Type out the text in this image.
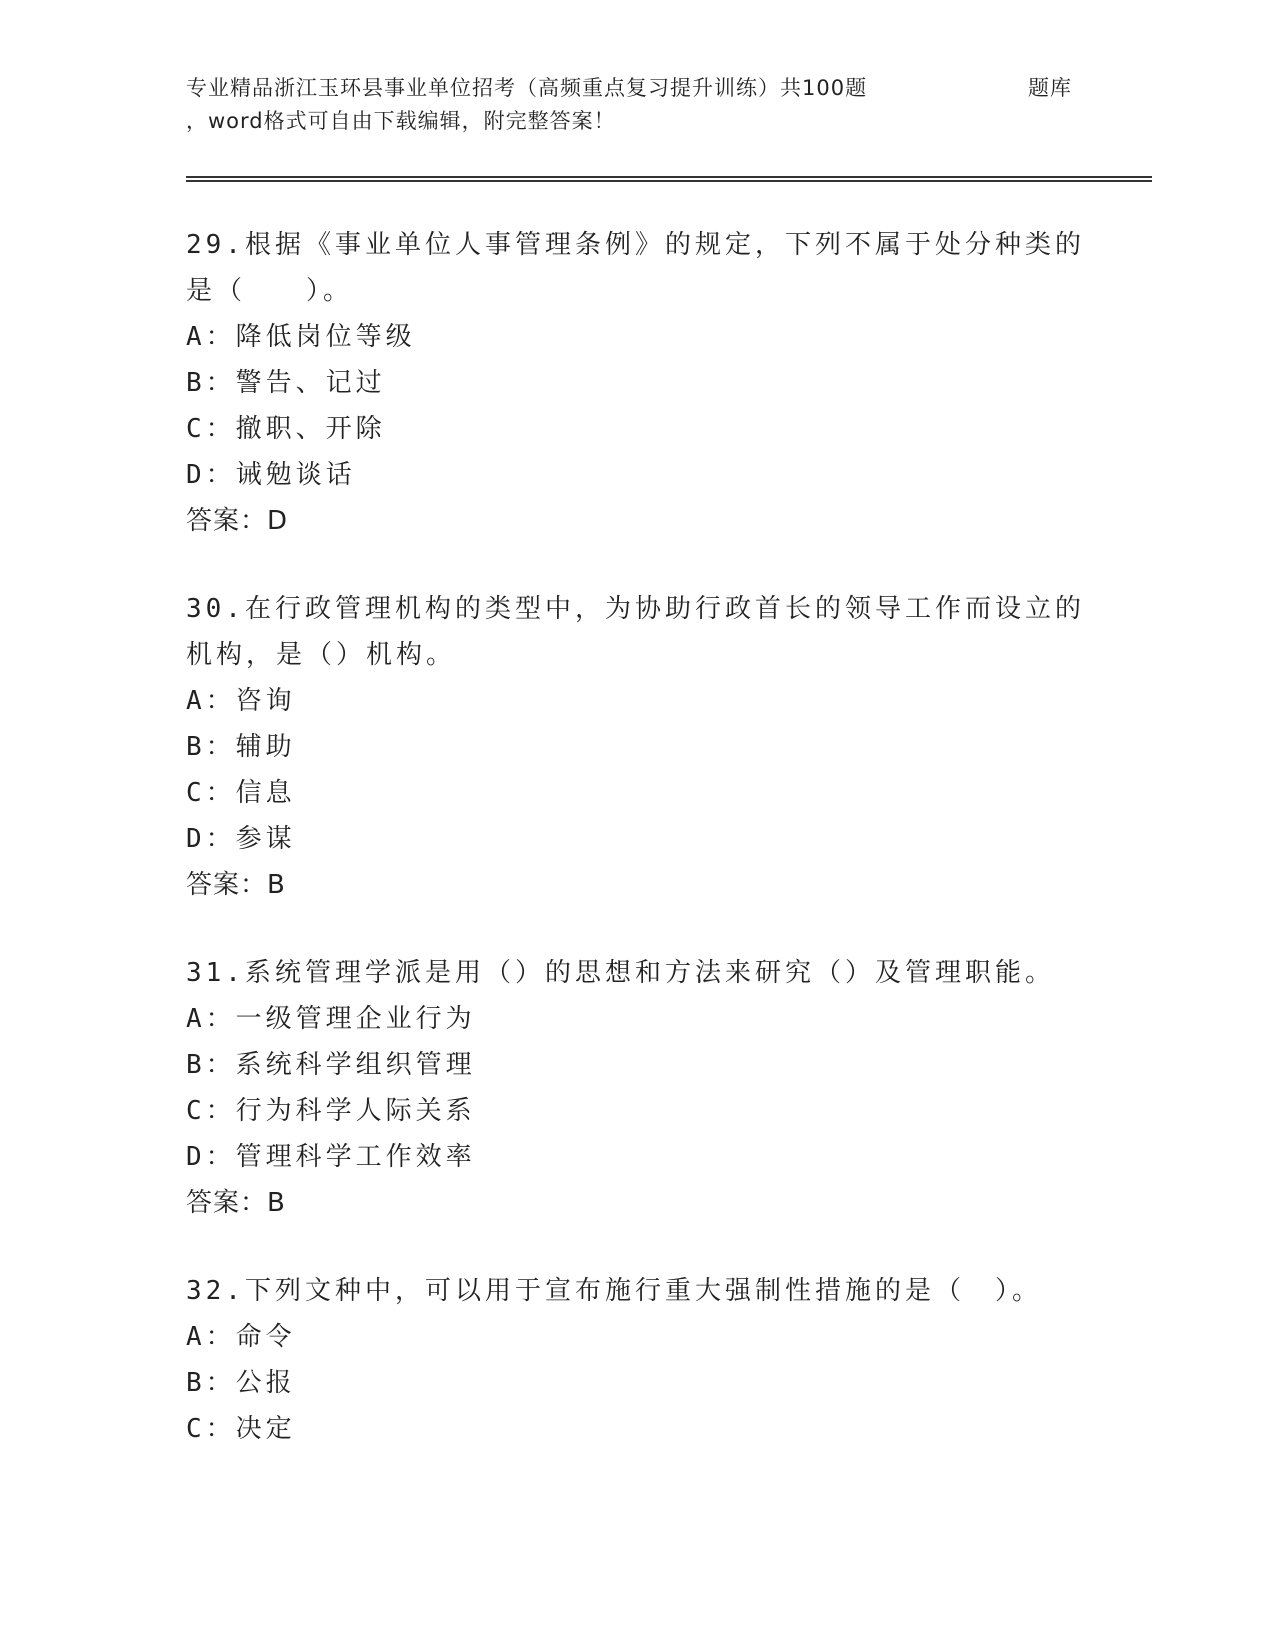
专业精品浙江玉环县事业单位招考（高频重点复习提升训练）共100题	题库
，word格式可自由下载编辑，附完整答案！

29.根据《事业单位人事管理条例》的规定，下列不属于处分种类的是（　　）。

A：降低岗位等级
B：警告、记过
C：撤职、开除
D：诫勉谈话
答案：D

30.在行政管理机构的类型中，为协助行政首长的领导工作而设立的机构，是（）机构。

A：咨询
B：辅助
C：信息
D：参谋
答案：B

31.系统管理学派是用（）的思想和方法来研究（）及管理职能。

A：一级管理企业行为
B：系统科学组织管理
C：行为科学人际关系
D：管理科学工作效率
答案：B

32.下列文种中，可以用于宣布施行重大强制性措施的是（　）。

A：命令
B：公报
C：决定
